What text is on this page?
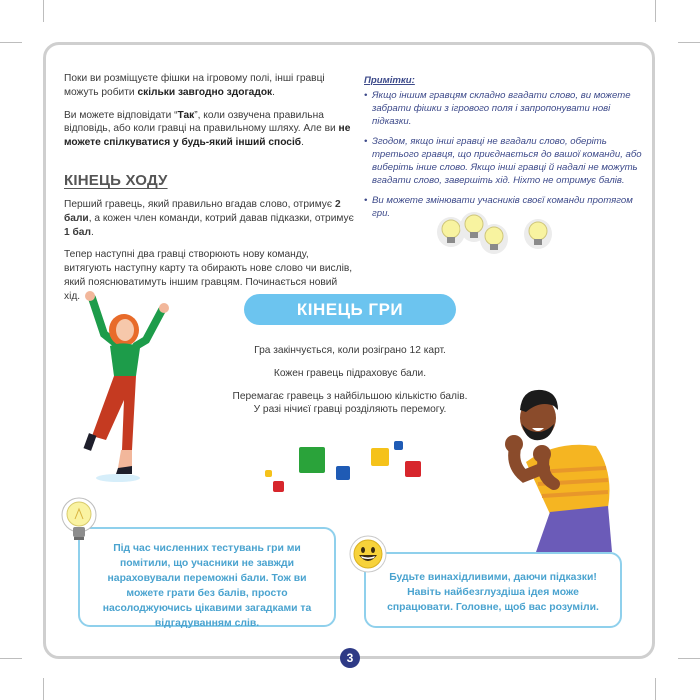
Поки ви розміщуєте фішки на ігровому полі, інші гравці можуть робити скільки завгодно здогадок.

Ви можете відповідати “Так”, коли озвучена правильна відповідь, або коли гравці на правильному шляху. Але ви не можете спілкуватися у будь-який інший спосіб.

КІНЕЦЬ ХОДУ

Перший гравець, який правильно вгадав слово, отримує 2 бали, а кожен член команди, котрий давав підказки, отримує 1 бал.

Тепер наступні два гравці створюють нову команду, витягують наступну карту та обирають нове слово чи вислів, який пояснюватимуть іншим гравцям. Починається новий хід.

Примітки:
• Якщо іншим гравцям складно вгадати слово, ви можете забрати фішки з ігрового поля і запропонувати нові підказки.
• Згодом, якщо інші гравці не вгадали слово, оберіть третього гравця, що приєднається до вашої команди, або виберіть інше слово. Якщо інші гравці й надалі не можуть вгадати слово, завершіть хід. Ніхто не отримує балів.
• Ви можете змінювати учасників своєї команди протягом гри.
КІНЕЦЬ ГРИ

Гра закінчується, коли розіграно 12 карт.

Кожен гравець підраховує бали.

Перемагає гравець з найбільшою кількістю балів.

У разі нічиєї гравці розділяють перемогу.

Під час численних тестувань гри ми помітили, що учасники не завжди нараховували переможні бали. Тож ви можете грати без балів, просто насолоджуючись цікавими загадками та відгадуванням слів.
Будьте винахідливими, даючи підказки! Навіть найбезглуздіша ідея може спрацювати. Головне, щоб вас розуміли.
3
